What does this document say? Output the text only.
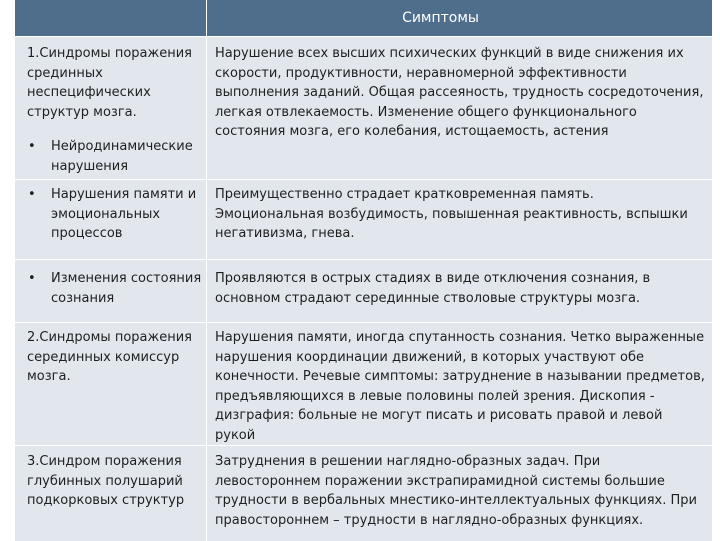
Симптомы
1.Синдромы поражения срединных неспецифических структур мозга.
• Нейродинамические нарушения
Нарушение всех высших психических функций в виде снижения их скорости, продуктивности, неравномерной эффективности выполнения заданий. Общая рассеяность, трудность сосредоточения, легкая отвлекаемость. Изменение общего функционального состояния мозга, его колебания, истощаемость, астения
• Нарушения памяти и эмоциональных процессов
Преимущественно страдает кратковременная память. Эмоциональная возбудимость, повышенная реактивность, вспышки негативизма, гнева.
• Изменения состояния сознания
Проявляются в острых стадиях в виде отключения сознания, в основном страдают серединные стволовые структуры мозга.
2.Синдромы поражения серединных комиссур мозга.
Нарушения памяти, иногда спутанность сознания. Четко выраженные нарушения координации движений, в которых участвуют обе конечности. Речевые симптомы: затруднение в назывании предметов, предъявляющихся в левые половины полей зрения. Дископия - дизграфия: больные не могут писать и рисовать правой и левой рукой
3.Синдром поражения глубинных полушарий подкорковых структур
Затруднения в решении наглядно-образных задач. При левостороннем поражении экстрапирамидной системы большие трудности в вербальных мнестико-интеллектуальных функциях. При правостороннем – трудности в наглядно-образных функциях.
